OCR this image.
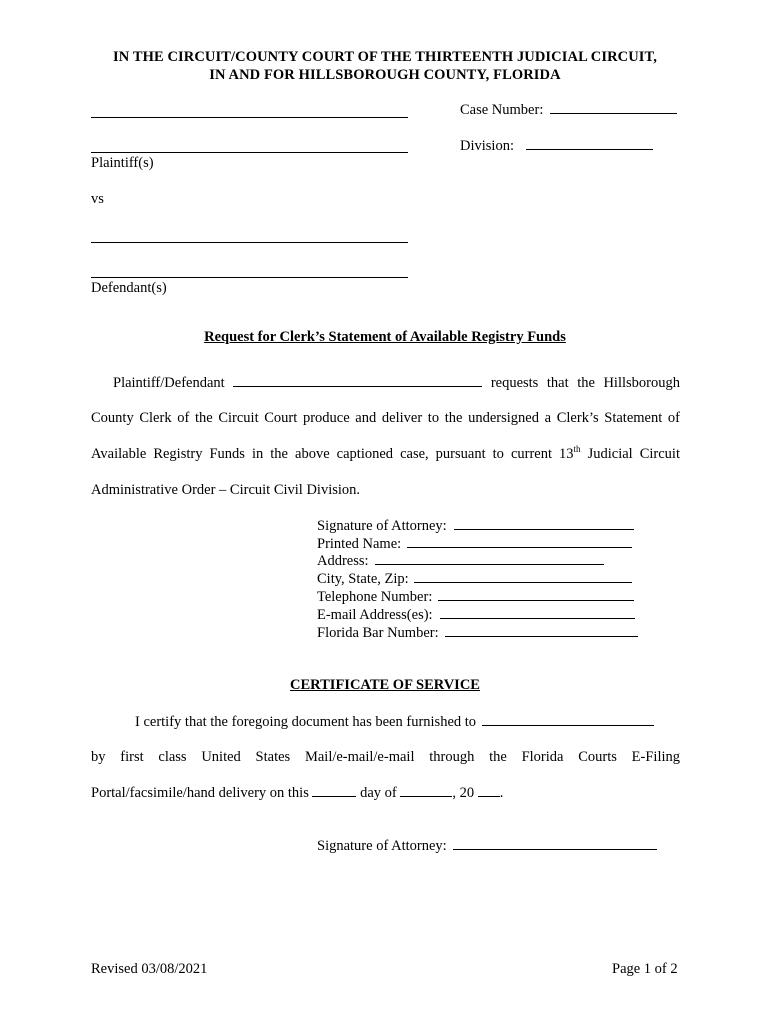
IN THE CIRCUIT/COUNTY COURT OF THE THIRTEENTH JUDICIAL CIRCUIT,
IN AND FOR HILLSBOROUGH COUNTY, FLORIDA
Plaintiff(s)
vs
Defendant(s)
Case Number:
Division:
Request for Clerk’s Statement of Available Registry Funds
Plaintiff/Defendant	requests that the Hillsborough
County Clerk of the Circuit Court produce and deliver to the undersigned a Clerk’s Statement of
Available Registry Funds in the above captioned case, pursuant to current 13th Judicial Circuit
Administrative Order – Circuit Civil Division.
Signature of Attorney:
Printed Name:
Address:
City, State, Zip:
Telephone Number:
E-mail Address(es):
Florida Bar Number:
CERTIFICATE OF SERVICE
I certify that the foregoing document has been furnished to
by first class United States Mail/e-mail/e-mail through the Florida Courts E-Filing
Portal/facsimile/hand delivery on this	day of	, 20 .
Signature of Attorney:
Revised 03/08/2021	Page 1 of 2
